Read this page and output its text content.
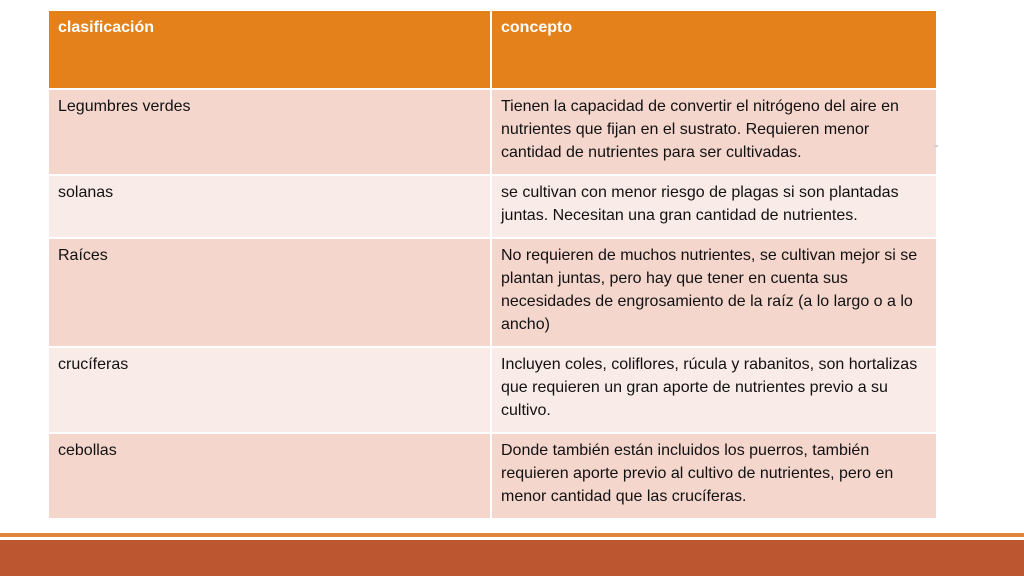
clasificación	concepto
Legumbres verdes	Tienen la capacidad de convertir el nitrógeno del aire en nutrientes que fijan en el sustrato. Requieren menor cantidad de nutrientes para ser cultivadas.
solanas	se cultivan con menor riesgo de plagas si son plantadas juntas. Necesitan una gran cantidad de nutrientes.
Raíces	No requieren de muchos nutrientes, se cultivan mejor si se plantan juntas, pero hay que tener en cuenta sus necesidades de engrosamiento de la raíz (a lo largo o a lo ancho)
crucíferas	Incluyen coles, coliflores, rúcula y rabanitos, son hortalizas que requieren un gran aporte de nutrientes previo a su cultivo.
cebollas	Donde también están incluidos los puerros, también requieren aporte previo al cultivo de nutrientes, pero en menor cantidad que las crucíferas.
